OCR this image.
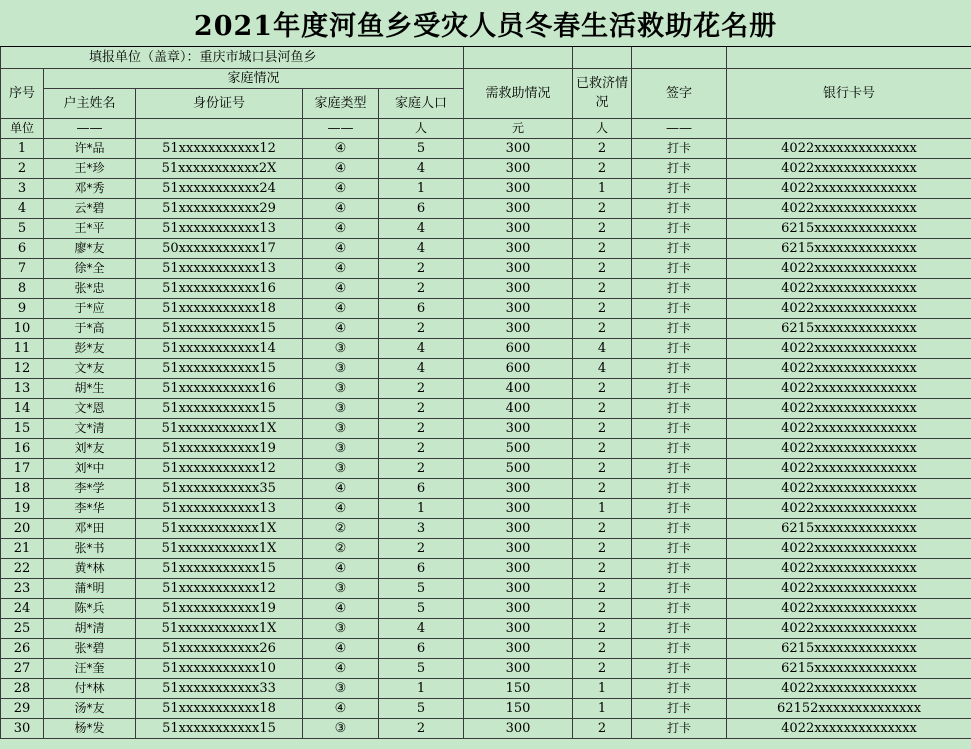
2021年度河鱼乡受灾人员冬春生活救助花名册
填报单位（盖章）：重庆市城口县河鱼乡								
序号	家庭情况				需救助情况	已救济情况	签字	银行卡号
	户主姓名	身份证号	家庭类型	家庭人口				
单位	——		——	人	元	人	——	
1	许*品	51xxxxxxxxxxx12	④	5	300	2	打卡	4022xxxxxxxxxxxxxx
2	王*珍	51xxxxxxxxxxx2X	④	4	300	2	打卡	4022xxxxxxxxxxxxxx
3	邓*秀	51xxxxxxxxxxx24	④	1	300	1	打卡	4022xxxxxxxxxxxxxx
4	云*碧	51xxxxxxxxxxx29	④	6	300	2	打卡	4022xxxxxxxxxxxxxx
5	王*平	51xxxxxxxxxxx13	④	4	300	2	打卡	6215xxxxxxxxxxxxxx
6	廖*友	50xxxxxxxxxxx17	④	4	300	2	打卡	6215xxxxxxxxxxxxxx
7	徐*全	51xxxxxxxxxxx13	④	2	300	2	打卡	4022xxxxxxxxxxxxxx
8	张*忠	51xxxxxxxxxxx16	④	2	300	2	打卡	4022xxxxxxxxxxxxxx
9	于*应	51xxxxxxxxxxx18	④	6	300	2	打卡	4022xxxxxxxxxxxxxx
10	于*高	51xxxxxxxxxxx15	④	2	300	2	打卡	6215xxxxxxxxxxxxxx
11	彭*友	51xxxxxxxxxxx14	③	4	600	4	打卡	4022xxxxxxxxxxxxxx
12	文*友	51xxxxxxxxxxx15	③	4	600	4	打卡	4022xxxxxxxxxxxxxx
13	胡*生	51xxxxxxxxxxx16	③	2	400	2	打卡	4022xxxxxxxxxxxxxx
14	文*恩	51xxxxxxxxxxx15	③	2	400	2	打卡	4022xxxxxxxxxxxxxx
15	文*清	51xxxxxxxxxxx1X	③	2	300	2	打卡	4022xxxxxxxxxxxxxx
16	刘*友	51xxxxxxxxxxx19	③	2	500	2	打卡	4022xxxxxxxxxxxxxx
17	刘*中	51xxxxxxxxxxx12	③	2	500	2	打卡	4022xxxxxxxxxxxxxx
18	李*学	51xxxxxxxxxxx35	④	6	300	2	打卡	4022xxxxxxxxxxxxxx
19	李*华	51xxxxxxxxxxx13	④	1	300	1	打卡	4022xxxxxxxxxxxxxx
20	邓*田	51xxxxxxxxxxx1X	②	3	300	2	打卡	6215xxxxxxxxxxxxxx
21	张*书	51xxxxxxxxxxx1X	②	2	300	2	打卡	4022xxxxxxxxxxxxxx
22	黄*林	51xxxxxxxxxxx15	④	6	300	2	打卡	4022xxxxxxxxxxxxxx
23	蒲*明	51xxxxxxxxxxx12	③	5	300	2	打卡	4022xxxxxxxxxxxxxx
24	陈*兵	51xxxxxxxxxxx19	④	5	300	2	打卡	4022xxxxxxxxxxxxxx
25	胡*清	51xxxxxxxxxxx1X	③	4	300	2	打卡	4022xxxxxxxxxxxxxx
26	张*碧	51xxxxxxxxxxx26	④	6	300	2	打卡	6215xxxxxxxxxxxxxx
27	汪*奎	51xxxxxxxxxxx10	④	5	300	2	打卡	6215xxxxxxxxxxxxxx
28	付*林	51xxxxxxxxxxx33	③	1	150	1	打卡	4022xxxxxxxxxxxxxx
29	汤*友	51xxxxxxxxxxx18	④	5	150	1	打卡	62152xxxxxxxxxxxxxx
30	杨*发	51xxxxxxxxxxx15	③	2	300	2	打卡	4022xxxxxxxxxxxxxx
